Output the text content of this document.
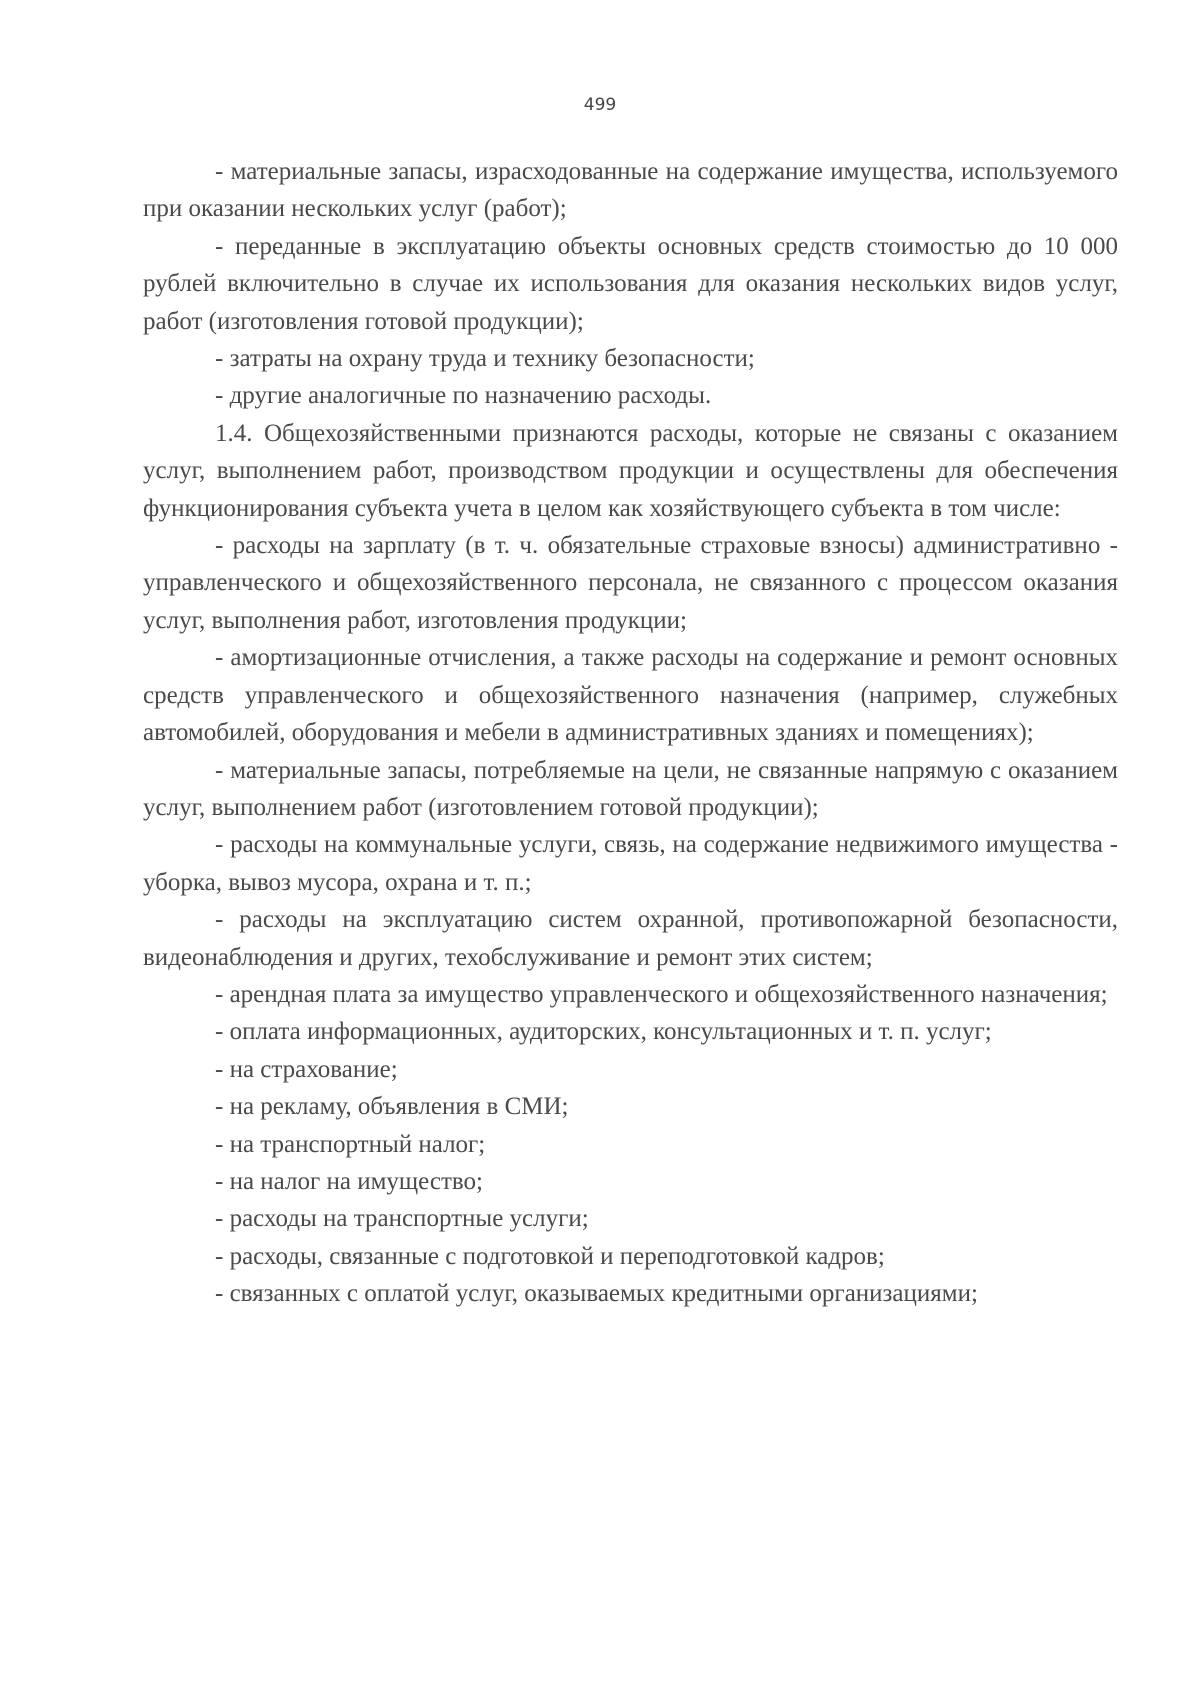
499

- материальные запасы, израсходованные на содержание имущества, используемого при оказании нескольких услуг (работ);

- переданные в эксплуатацию объекты основных средств стоимостью до 10 000 рублей включительно в случае их использования для оказания нескольких видов услуг, работ (изготовления готовой продукции);

- затраты на охрану труда и технику безопасности;

- другие аналогичные по назначению расходы.

1.4. Общехозяйственными признаются расходы, которые не связаны с оказанием услуг, выполнением работ, производством продукции и осуществлены для обеспечения функционирования субъекта учета в целом как хозяйствующего субъекта в том числе:

- расходы на зарплату (в т. ч. обязательные страховые взносы) административно - управленческого и общехозяйственного персонала, не связанного с процессом оказания услуг, выполнения работ, изготовления продукции;

- амортизационные отчисления, а также расходы на содержание и ремонт основных средств управленческого и общехозяйственного назначения (например, служебных автомобилей, оборудования и мебели в административных зданиях и помещениях);

- материальные запасы, потребляемые на цели, не связанные напрямую с оказанием услуг, выполнением работ (изготовлением готовой продукции);

- расходы на коммунальные услуги, связь, на содержание недвижимого имущества - уборка, вывоз мусора, охрана и т. п.;

- расходы на эксплуатацию систем охранной, противопожарной безопасности, видеонаблюдения и других, техобслуживание и ремонт этих систем;

- арендная плата за имущество управленческого и общехозяйственного назначения;

- оплата информационных, аудиторских, консультационных и т. п. услуг;

- на страхование;

- на рекламу, объявления в СМИ;

- на транспортный налог;

- на налог на имущество;

- расходы на транспортные услуги;

- расходы, связанные с подготовкой и переподготовкой кадров;

- связанных с оплатой услуг, оказываемых кредитными организациями;
